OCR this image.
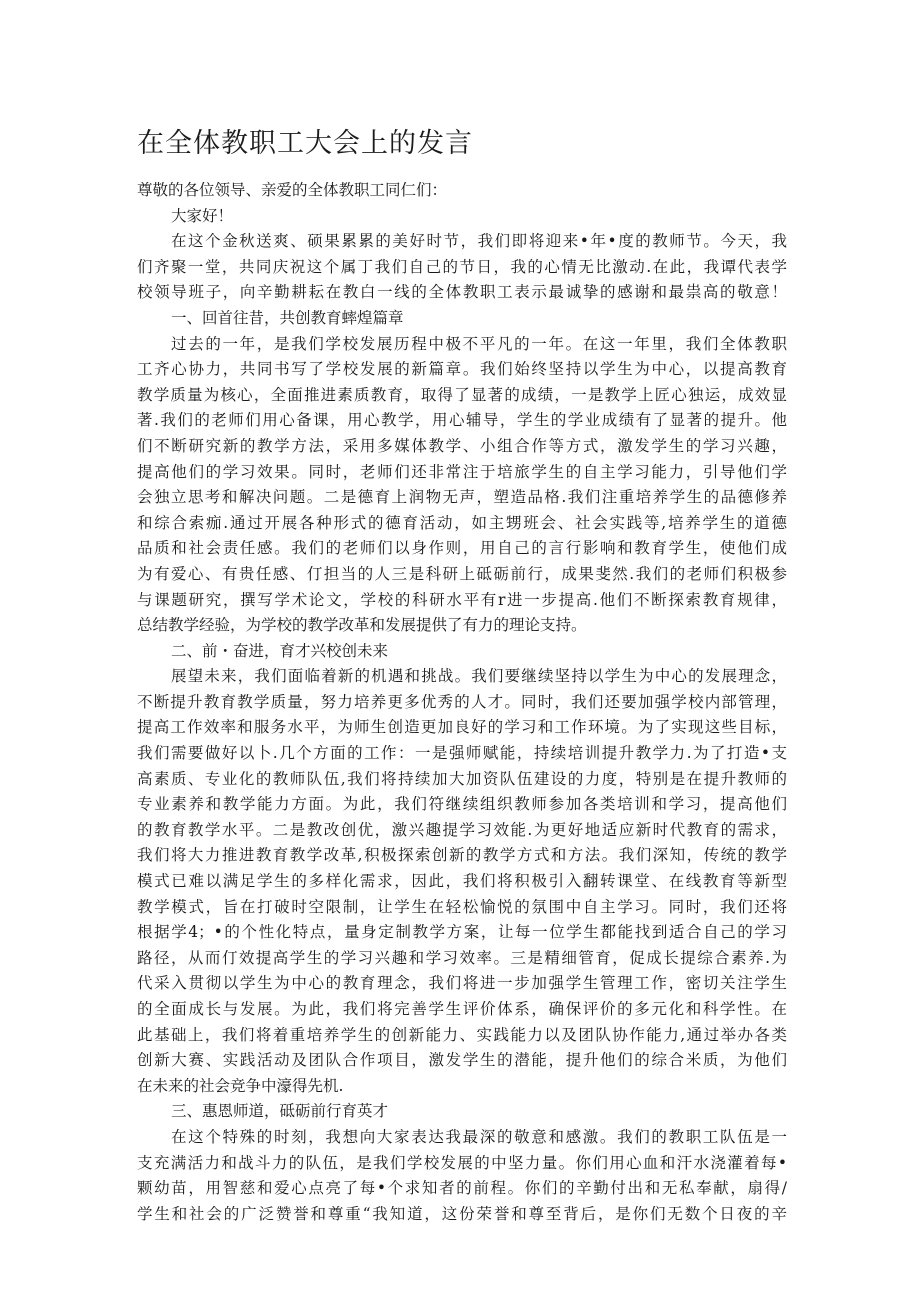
在全体教职工大会上的发言
尊敬的各位领导、亲爱的全体教职工同仁们：
大家好！
在这个金秋送爽、硕果累累的美好时节，我们即将迎来•年•度的教师节。今天，我
们齐聚一堂，共同庆祝这个属丁我们自己的节日，我的心情无比激动.在此，我谭代表学
校领导班子，向辛勤耕耘在教白一线的全体教职工表示最诚挚的感谢和最祟高的敬意！
一、回首往昔，共创教育蟀煌篇章
过去的一年，是我们学校发展历程中极不平凡的一年。在这一年里，我们全体教职
工齐心协力，共同书写了学校发展的新篇章。我们始终坚持以学生为中心，以提高教育
教学质量为核心，全面推进素质教育，取得了显著的成绩，一是教学上匠心独运，成效显
著.我们的老师们用心备课，用心教学，用心辅导，学生的学业成绩有了显著的提升。他
们不断研究新的教学方法，采用多媒体教学、小组合作等方式，激发学生的学习兴趣，
提高他们的学习效果。同时，老师们还非常注于培旅学生的自主学习能力，引导他们学
会独立思考和解决问题。二是德育上润物无声，塑造品格.我们注重培养学生的品德修养
和综合索痂.通过开展各种形式的德育活动，如主甥班会、社会实践等,培养学生的道德
品质和社会责任感。我们的老师们以身作则，用自己的言行影响和教育学生，使他们成
为有爱心、有贵任感、仃担当的人三是科研上砥砺前行，成果斐然.我们的老师们积极参
与课题研究，撰写学术论文，学校的科研水平有r进一步提高.他们不断探索教育规律，
总结教学经验，为学校的教学改革和发展提供了有力的理论支持。
二、前・奋进，育才兴校创未来
展望未来，我们面临着新的机遇和挑战。我们要继续坚持以学生为中心的发展理念，
不断提升教育教学质量，努力培养更多优秀的人才。同时，我们还要加强学校内部管理，
提高工作效率和服务水平，为师生创造更加良好的学习和工作环境。为了实现这些目标，
我们需要做好以卜.几个方面的工作：一是强师赋能，持续培训提升教学力.为了打造•支
高素质、专业化的教师队伍,我们将持续加大加资队伍建设的力度，特别是在提升教师的
专业素养和教学能力方面。为此，我们符继续组织教师参加各类培训和学习，提高他们
的教育教学水平。二是教改创优，激兴趣提学习效能.为更好地适应新时代教育的需求，
我们将大力推进教育教学改革,积极探索创新的教学方式和方法。我们深知，传统的教学
模式已难以满足学生的多样化需求，因此，我们将积极引入翻转课堂、在线教育等新型
教学模式，旨在打破时空限制，让学生在轻松愉悦的氛围中自主学习。同时，我们还将
根据学4；•的个性化特点，量身定制教学方案，让每一位学生都能找到适合自己的学习
路径，从而仃效提高学生的学习兴趣和学习效率。三是精细管育，促成长提综合素养.为
代采入贯彻以学生为中心的教育理念，我们将进一步加强学生管理工作，密切关注学生
的全面成长与发展。为此，我们将完善学生评价体系，确保评价的多元化和科学性。在
此基础上，我们将着重培养学生的创新能力、实践能力以及团队协作能力,通过举办各类
创新大赛、实践活动及团队合作项目，激发学生的潜能，提升他们的综合米质，为他们
在未来的社会竞争中濠得先机.
三、惠恩师道，砥砺前行育英才
在这个特殊的时刻，我想向大家表达我最深的敬意和感激。我们的教职工队伍是一
支充满活力和战斗力的队伍，是我们学校发展的中坚力量。你们用心血和汗水浇灌着每•
颗幼苗，用智慈和爱心点亮了每•个求知者的前程。你们的辛勤付出和无私奉献，扇得/
学生和社会的广泛赞誉和尊重“我知道，这份荣誉和尊至背后，是你们无数个日夜的辛
